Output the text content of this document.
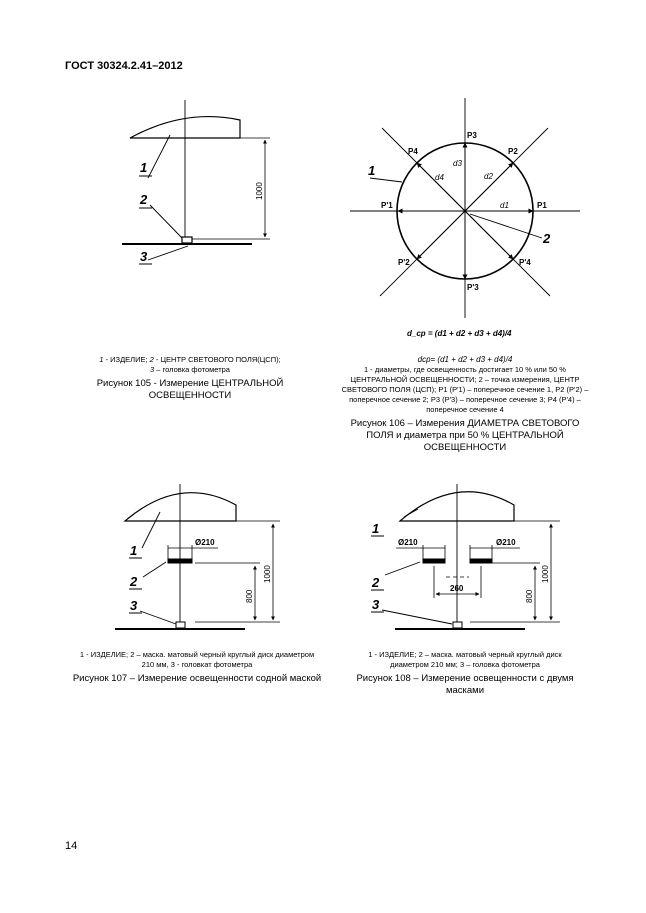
ГОСТ 30324.2.41–2012
1
2
3
1000
1
2
P3
P2
P4
P1
P'1
P'2	P'4
P'3
d3
d2
d4
d1
d_ср = (d1 + d2 + d3 + d4)/4
1
2
3
Ø210
1000
800
1
2
3
Ø210	Ø210
260
1000
800
1 - ИЗДЕЛИЕ; 2 - ЦЕНТР СВЕТОВОГО ПОЛЯ(ЦСП);
3 – головка фотометра
Рисунок 105 - Измерение ЦЕНТРАЛЬНОЙ ОСВЕЩЕННОСТИ
dср= (d1 + d2 + d3 + d4)/4
1 - диаметры, где освещенность достигает 10 % или 50 % ЦЕНТРАЛЬНОЙ ОСВЕЩЕННОСТИ; 2 – точка измерения, ЦЕНТР СВЕТОВОГО ПОЛЯ (ЦСП); P1 (P'1) – поперечное сечение 1, P2 (P'2) – поперечное сечение 2; P3 (P'3) – поперечное сечение 3; P4 (P'4) – поперечное сечение 4
Рисунок 106 – Измерения ДИАМЕТРА СВЕТОВОГО ПОЛЯ и диаметра при 50 % ЦЕНТРАЛЬНОЙ ОСВЕЩЕННОСТИ
1 - ИЗДЕЛИЕ; 2 – маска. матовый черный круглый диск диаметром 210 мм, 3 - головкат фотометра
Рисунок 107 – Измерение освещенности содной маской
1 - ИЗДЕЛИЕ; 2 – маска. матовый черный круглый диск диаметром 210 мм; 3 – головка фотометра
Рисунок 108 – Измерение освещенности с двумя масками
14
